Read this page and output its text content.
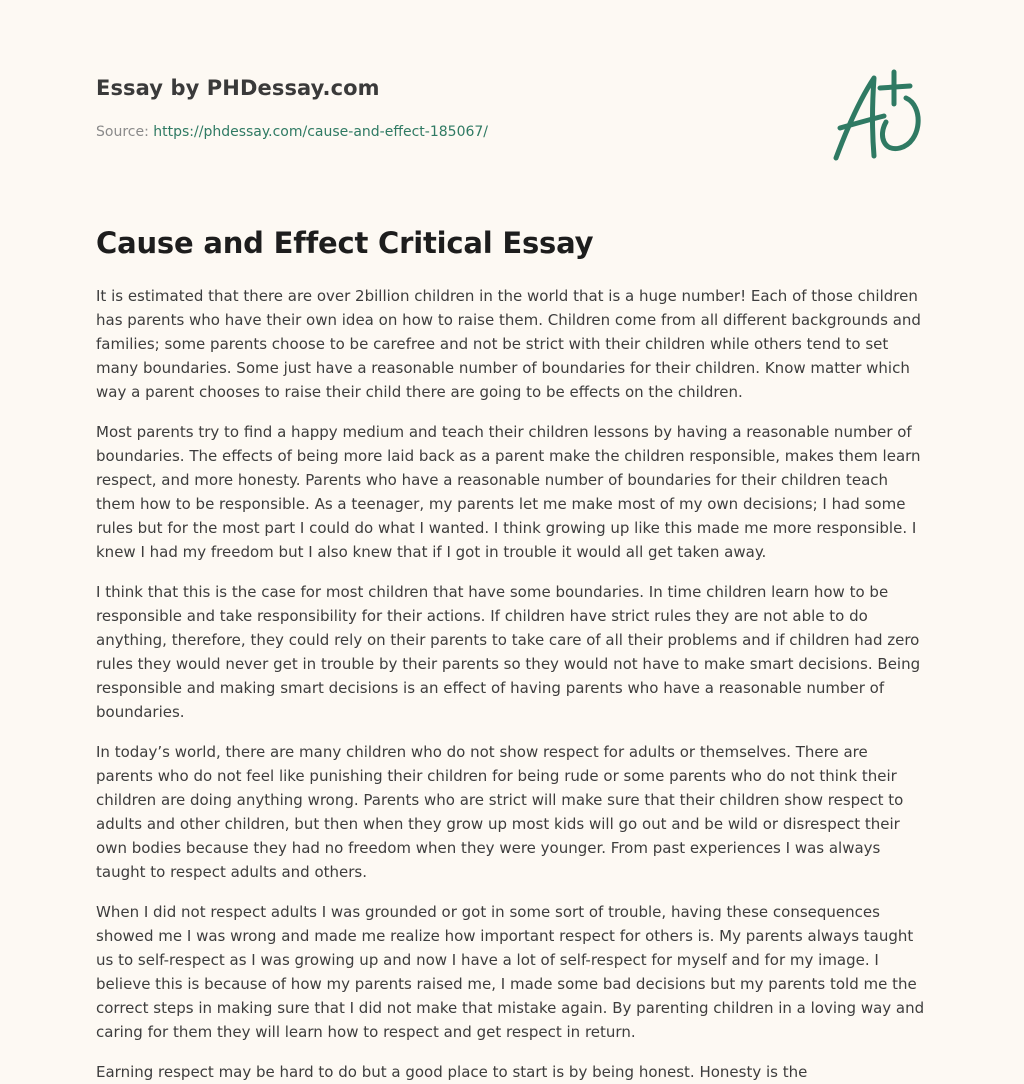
Essay by PHDessay.com
Source: https://phdessay.com/cause-and-effect-185067/
Cause and Effect Critical Essay

It is estimated that there are over 2billion children in the world that is a huge number! Each of those children has parents who have their own idea on how to raise them. Children come from all different backgrounds and families; some parents choose to be carefree and not be strict with their children while others tend to set many boundaries. Some just have a reasonable number of boundaries for their children. Know matter which way a parent chooses to raise their child there are going to be effects on the children.

Most parents try to find a happy medium and teach their children lessons by having a reasonable number of boundaries. The effects of being more laid back as a parent make the children responsible, makes them learn respect, and more honesty. Parents who have a reasonable number of boundaries for their children teach them how to be responsible. As a teenager, my parents let me make most of my own decisions; I had some rules but for the most part I could do what I wanted. I think growing up like this made me more responsible. I knew I had my freedom but I also knew that if I got in trouble it would all get taken away.

I think that this is the case for most children that have some boundaries. In time children learn how to be responsible and take responsibility for their actions. If children have strict rules they are not able to do anything, therefore, they could rely on their parents to take care of all their problems and if children had zero rules they would never get in trouble by their parents so they would not have to make smart decisions. Being responsible and making smart decisions is an effect of having parents who have a reasonable number of boundaries.

In today’s world, there are many children who do not show respect for adults or themselves. There are parents who do not feel like punishing their children for being rude or some parents who do not think their children are doing anything wrong. Parents who are strict will make sure that their children show respect to adults and other children, but then when they grow up most kids will go out and be wild or disrespect their own bodies because they had no freedom when they were younger. From past experiences I was always taught to respect adults and others.

When I did not respect adults I was grounded or got in some sort of trouble, having these consequences showed me I was wrong and made me realize how important respect for others is. My parents always taught us to self-respect as I was growing up and now I have a lot of self-respect for myself and for my image. I believe this is because of how my parents raised me, I made some bad decisions but my parents told me the correct steps in making sure that I did not make that mistake again. By parenting children in a loving way and caring for them they will learn how to respect and get respect in return.

Earning respect may be hard to do but a good place to start is by being honest. Honesty is the
